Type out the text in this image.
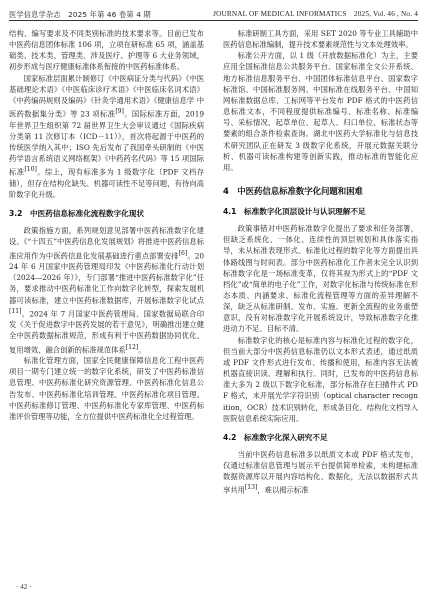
医学信息学杂志　2025 年第 46 卷第 4 期	JOURNAL OF MEDICAL INFORMATICS　2025, Vol. 46 , No. 4

结构、编写要求及不同类别标准的技术要求等。目前已发布中医药信息团体标准 106 项，立项在研标准 65 项，涵盖基础类、技术类、管理类、涉及医疗、护理等 6 大业务领域，初步形成与医疗健康标准体系衔接的中医药标准体系。

国家标准层面累计制修订《中医病证分类与代码》《中医基础理论术语》《中医临床诊疗术语》《中医临床名词术语》《中药编码规则及编码》《针灸学通用术语》《健康信息学 中医药数据集分类》等 23 项标准[9]。国际标准方面，2019 年世界卫生组织第 72 届世界卫生大会审议通过《国际疾病分类第 11 次修订本（ICD－11）》，首次将起源于中医药的传统医学纳入其中；ISO 先后发布了我国牵头研制的《中医药学语言系统语义网络框架》《中药药名代码》等 15 项国际标准[10]。综上，现有标准多为 1 级数字化（PDF 文档存储），但存在结构化缺失、机器可读性不足等问题，有待向高阶数字化升级。

3.2　中医药信息标准化流程数字化现状

政策指施方面，系列规划意见部署中医药标准数字化建设。《“十四五”中医药信息化发展规划》将推进中医药信息标准应用作为中医药信息化发展基础进行重点部署安排[6]。2024 年 6 月国家中医药管理局印发《中医药标准化行动计划（2024—2026 年）》，专门部署“推进中医药标准数字化”任务，要求推动中医药标准化工作向数字化转型，探索发展机器可读标准，建立中医药标准数据库，开展标准数字化试点[11]。2024 年 7 月国家中医药管理局、国家数据局联合印发《关于促进数字中医药发展的若干意见》，明确推出建立健全中医药数据标准规范，形成有利于中医药数据协同优化、复用增效、融合创新的标准规范体系[12]。

标准化管理方面，国家全民健康保障信息化工程中医药项目一期专门建立统一的数字化系统，研发了中医药标准信息管理、中医药标准化研究资源管理、中医药标准化信息公告发布、中医药标准化培训管理、中医药标准化项目管理、中医药标准修订管理、中医药标准化专家库管理、中医药标准评价管理等功能，全方位提供中医药标准化全过程管理。

标准研制工具方面，采用 SET 2020 等专业工具辅助中医药信息标准编制，提升技术要素规范性与文本处理效率。

标准公开方面，以 1 级（开放数据标准化）为主，主要应用全国标准信息公共服务平台、国家标准全文公开系统、地方标准信息服务平台、中国团体标准信息平台、国家数字标准馆、中国标准服务网、中国标准在线服务平台、中国知网标准数据总库、工标网等平台发布 PDF 格式的中医药信息标准文本，不同程度提供标准编号、标准名称、标准编号、采标情况、起草单位、起草人、归口单位、标准状态等要素的组合条件检索查询。湖北中医药大学标准化与信息技术研究团队正在研发 3 级数字化系统，开展元数据关联分析、机器可读标准构建等创新实践，推动标准的智能化应用。

4　中医药信息标准数字化问题和困难
4.1　标准数字化顶层设计与认识理解不足

政策事错对中医药标准数字化提出了要求和任务部署，但缺乏系统化、一体化、连续性的顶层规划和具体落实指导，未从标准表现形式、标准化过程的数字化等方面提出具体路线图与时间表。部分中医药标准化工作者未完全认识到标准数字化是一场标准变革，仅将其视为形式上的“PDF 文档化”或“简单的电子化”工作，对数字化标准与传统标准在形态本质、内涵要求、标准化流程管理等方面的差异理解不深，缺乏从标准研制、发布、实施、更新全流程的业务重塑意识，没有对标准数字化开展系统设计，导致标准数字化推进动力不足、目标不清。

标准数字化的核心是标准内容与标准化过程的数字化，但当前大部分中医药信息标准仍以文本形式表述，通过纸质或 PDF 文件形式进行发布、传播和使用，标准内容无法被机器直接识读、理解和执行。同时，已发布的中医药信息标准大多为 2 级以下数字化标准，部分标准存在扫描件式 PDF 格式，未开展光学字符识别（optical character recognition，OCR）技术识别转化，形成条目化、结构化文档导入医院信息系统实际应用。

4.2　标准数字化深入研究不足

当前中医药信息标准多以纸质文本或 PDF 格式发布，仅通过标准信息管理与展示平台提供简单检索，未构建标准数据资源库以开展内容结构化、数据化，无法以数据形式共享共用[13]，难以揭示标准

· 42 ·
